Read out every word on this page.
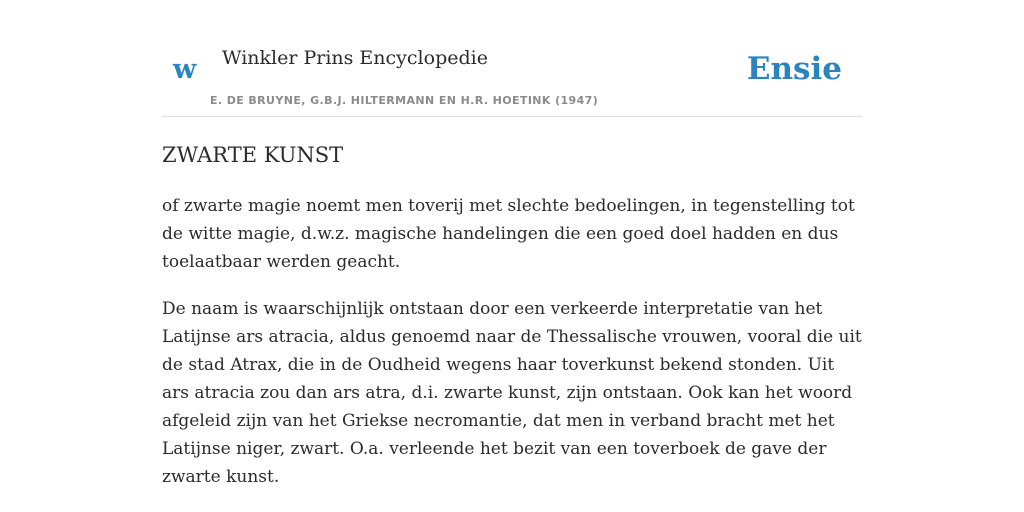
w Winkler Prins Encyclopedie
E. DE BRUYNE, G.B.J. HILTERMANN EN H.R. HOETINK (1947)
Ensie
ZWARTE KUNST

of zwarte magie noemt men toverij met slechte bedoelingen, in tegenstelling tot de witte magie, d.w.z. magische handelingen die een goed doel hadden en dus toelaatbaar werden geacht.

De naam is waarschijnlijk ontstaan door een verkeerde interpretatie van het Latijnse ars atracia, aldus genoemd naar de Thessalische vrouwen, vooral die uit de stad Atrax, die in de Oudheid wegens haar toverkunst bekend stonden. Uit ars atracia zou dan ars atra, d.i. zwarte kunst, zijn ontstaan. Ook kan het woord afgeleid zijn van het Griekse necromantie, dat men in verband bracht met het Latijnse niger, zwart. O.a. verleende het bezit van een toverboek de gave der zwarte kunst.
